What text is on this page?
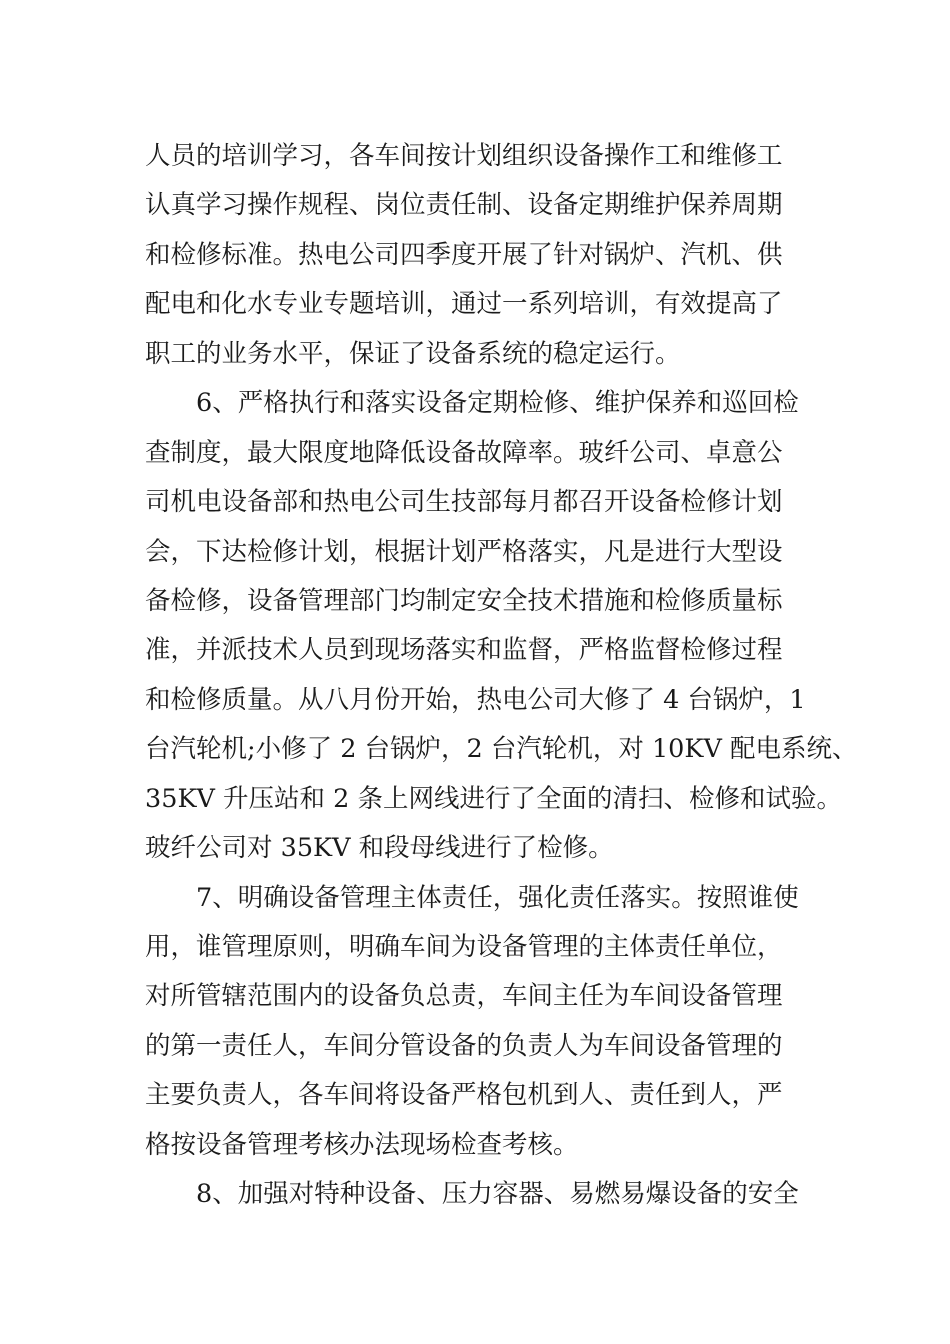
人员的培训学习，各车间按计划组织设备操作工和维修工
认真学习操作规程、岗位责任制、设备定期维护保养周期
和检修标准。热电公司四季度开展了针对锅炉、汽机、供
配电和化水专业专题培训，通过一系列培训，有效提高了
职工的业务水平，保证了设备系统的稳定运行。
6、严格执行和落实设备定期检修、维护保养和巡回检
查制度，最大限度地降低设备故障率。玻纤公司、卓意公
司机电设备部和热电公司生技部每月都召开设备检修计划
会，下达检修计划，根据计划严格落实，凡是进行大型设
备检修，设备管理部门均制定安全技术措施和检修质量标
准，并派技术人员到现场落实和监督，严格监督检修过程
和检修质量。从八月份开始，热电公司大修了 4 台锅炉，1
台汽轮机;小修了 2 台锅炉，2 台汽轮机，对 10KV 配电系统、
35KV 升压站和 2 条上网线进行了全面的清扫、检修和试验。
玻纤公司对 35KV 和段母线进行了检修。
7、明确设备管理主体责任，强化责任落实。按照谁使
用，谁管理原则，明确车间为设备管理的主体责任单位，
对所管辖范围内的设备负总责，车间主任为车间设备管理
的第一责任人，车间分管设备的负责人为车间设备管理的
主要负责人，各车间将设备严格包机到人、责任到人，严
格按设备管理考核办法现场检查考核。
8、加强对特种设备、压力容器、易燃易爆设备的安全
